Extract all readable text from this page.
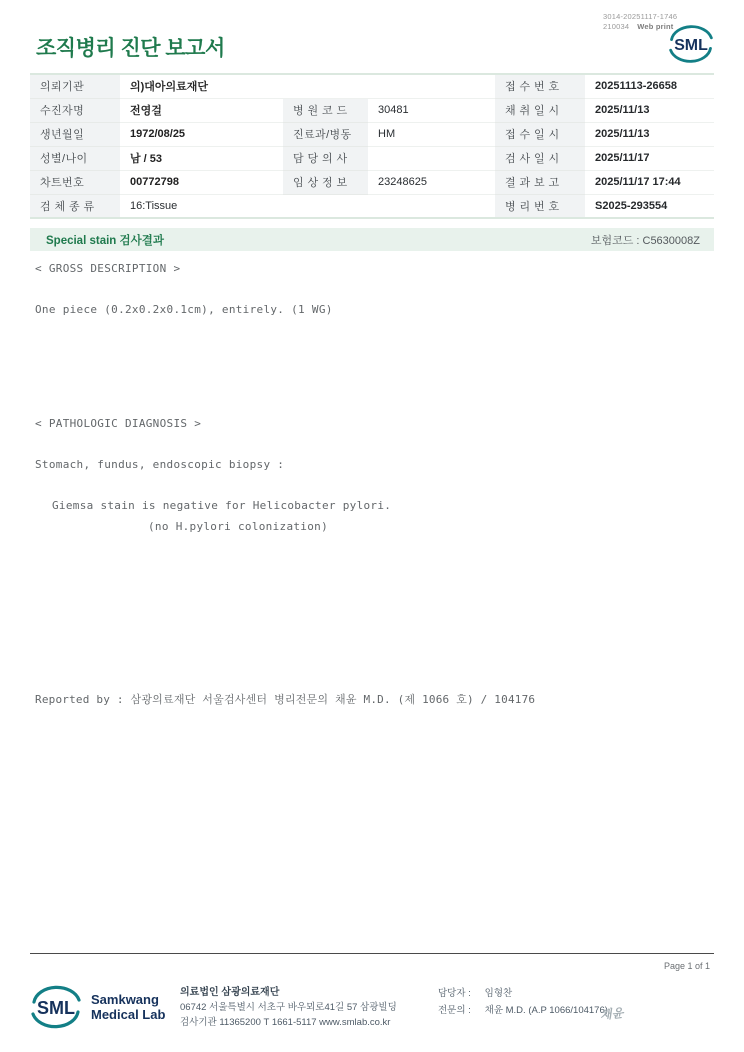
3014-20251117-1746
210034 Web print
조직병리 진단 보고서	SML
의뢰기관	의)대아의료재단			접 수 번 호	20251113-26658
수진자명	전영걸	병 원 코 드	30481	채 취 일 시	2025/11/13
생년월일	1972/08/25	진료과/병동	HM	접 수 일 시	2025/11/13
성별/나이	남 / 53	담 당 의 사		검 사 일 시	2025/11/17
차트번호	00772798	임 상 정 보	23248625	결 과 보 고	2025/11/17 17:44
검 체 종 류	16:Tissue			병 리 번 호	S2025-293554
Special stain 검사결과	보험코드 : C5630008Z
< GROSS DESCRIPTION >
One piece (0.2x0.2x0.1cm), entirely. (1 WG)
< PATHOLOGIC DIAGNOSIS >
Stomach, fundus, endoscopic biopsy :
Giemsa stain is negative for Helicobacter pylori.
(no H.pylori colonization)
Reported by : 삼광의료재단 서울검사센터 병리전문의 채윤 M.D. (제 1066 호) / 104176
Page 1 of 1
SML Samkwang
Medical Lab
의료법인 삼광의료재단
06742 서울특별시 서초구 바우뫼로41길 57 삼광빌딩
검사기관 11365200 T 1661-5117 www.smlab.co.kr
담당자 : 임형찬
전문의 : 채윤 M.D. (A.P 1066/104176)
채윤
